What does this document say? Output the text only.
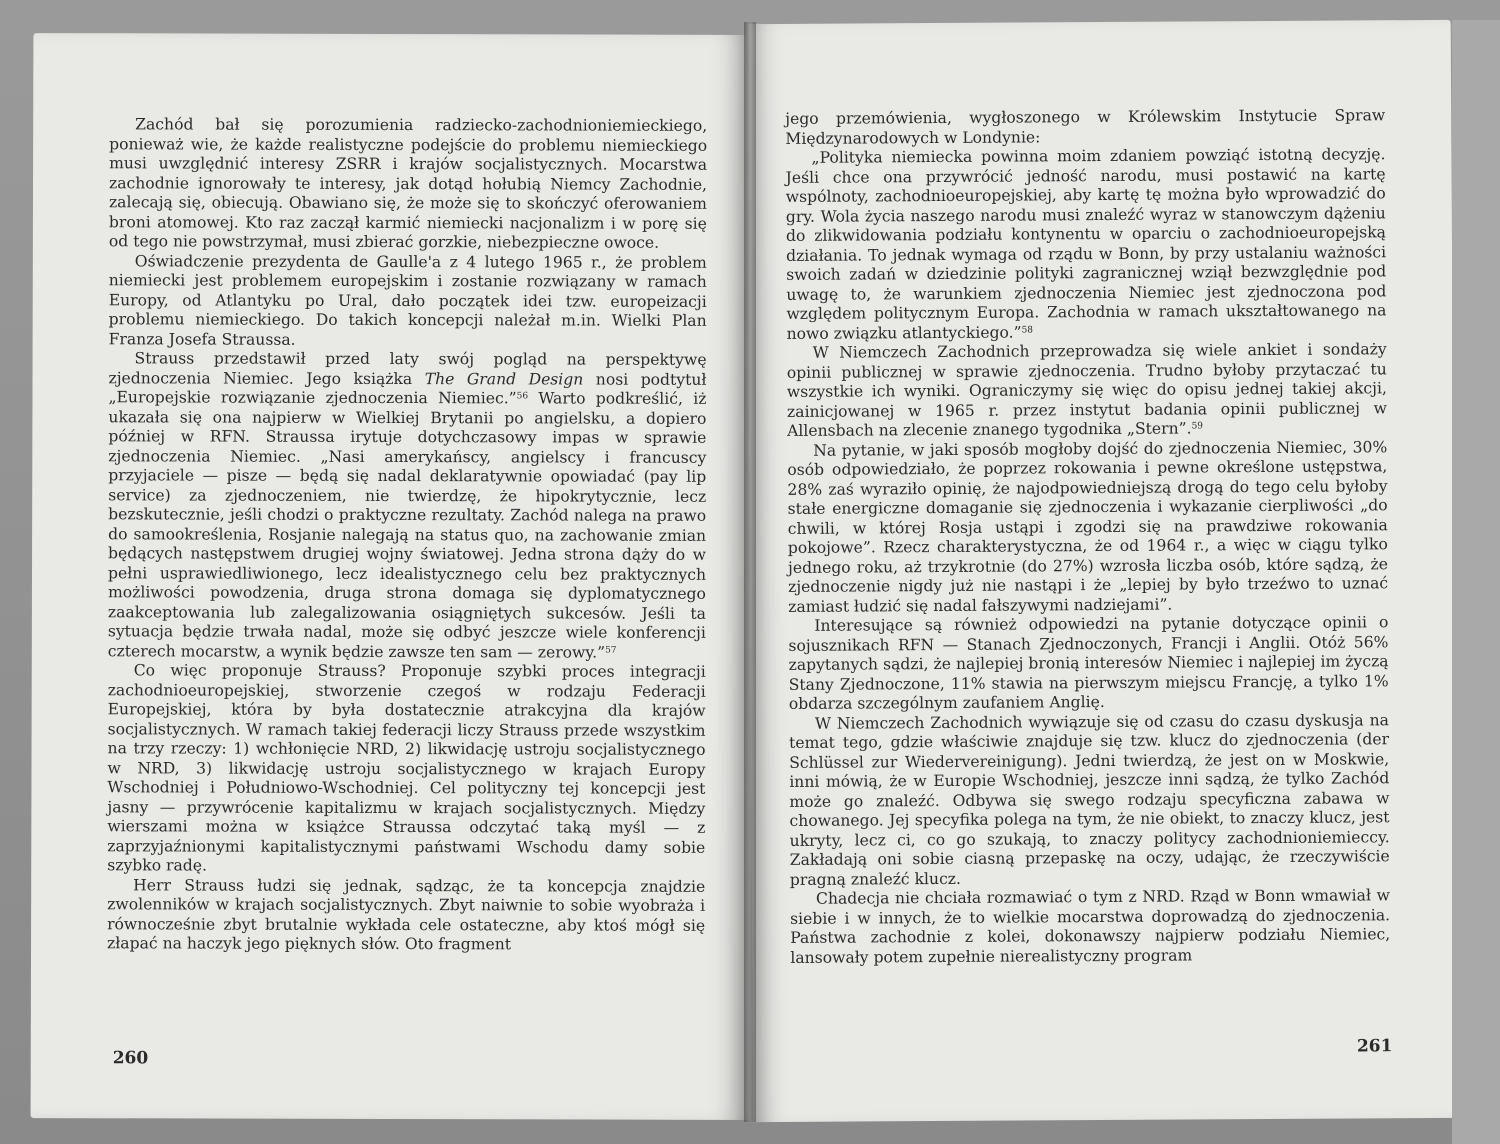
Zachód bał się porozumienia radziecko-zachodnioniemieckiego, ponieważ wie, że każde realistyczne podejście do problemu niemieckiego musi uwzględnić interesy ZSRR i krajów socjalistycznych. Mocarstwa zachodnie ignorowały te interesy, jak dotąd hołubią Niemcy Zachodnie, zalecają się, obiecują. Obawiano się, że może się to skończyć oferowaniem broni atomowej. Kto raz zaczął karmić niemiecki nacjonalizm i w porę się od tego nie powstrzymał, musi zbierać gorzkie, niebezpieczne owoce.

Oświadczenie prezydenta de Gaulle'a z 4 lutego 1965 r., że problem niemiecki jest problemem europejskim i zostanie rozwiązany w ramach Europy, od Atlantyku po Ural, dało początek idei tzw. europeizacji problemu niemieckiego. Do takich koncepcji należał m.in. Wielki Plan Franza Josefa Straussa.

Strauss przedstawił przed laty swój pogląd na perspektywę zjednoczenia Niemiec. Jego książka The Grand Design nosi podtytuł „Europejskie rozwiązanie zjednoczenia Niemiec.”$^{56}$ Warto podkreślić, iż ukazała się ona najpierw w Wielkiej Brytanii po angielsku, a dopiero później w RFN. Straussa irytuje dotychczasowy impas w sprawie zjednoczenia Niemiec. „Nasi amerykańscy, angielscy i francuscy przyjaciele — pisze — będą się nadal deklaratywnie opowiadać (pay lip service) za zjednoczeniem, nie twierdzę, że hipokrytycznie, lecz bezskutecznie, jeśli chodzi o praktyczne rezultaty. Zachód nalega na prawo do samookreślenia, Rosjanie nalegają na status quo, na zachowanie zmian będących następstwem drugiej wojny światowej. Jedna strona dąży do w pełni usprawiedliwionego, lecz idealistycznego celu bez praktycznych możliwości powodzenia, druga strona domaga się dyplomatycznego zaakceptowania lub zalegalizowania osiągniętych sukcesów. Jeśli ta sytuacja będzie trwała nadal, może się odbyć jeszcze wiele konferencji czterech mocarstw, a wynik będzie zawsze ten sam — zerowy.”$^{57}$

Co więc proponuje Strauss? Proponuje szybki proces integracji zachodnioeuropejskiej, stworzenie czegoś w rodzaju Federacji Europejskiej, która by była dostatecznie atrakcyjna dla krajów socjalistycznych. W ramach takiej federacji liczy Strauss przede wszystkim na trzy rzeczy: 1) wchłonięcie NRD, 2) likwidację ustroju socjalistycznego w NRD, 3) likwidację ustroju socjalistycznego w krajach Europy Wschodniej i Południowo-Wschodniej. Cel polityczny tej koncepcji jest jasny — przywrócenie kapitalizmu w krajach socjalistycznych. Między wierszami można w książce Straussa odczytać taką myśl — z zaprzyjaźnionymi kapitalistycznymi państwami Wschodu damy sobie szybko radę.

Herr Strauss łudzi się jednak, sądząc, że ta koncepcja znajdzie zwolenników w krajach socjalistycznych. Zbyt naiwnie to sobie wyobraża i równocześnie zbyt brutalnie wykłada cele ostateczne, aby ktoś mógł się złapać na haczyk jego pięknych słów. Oto fragment

260

jego przemówienia, wygłoszonego w Królewskim Instytucie Spraw Międzynarodowych w Londynie:

„Polityka niemiecka powinna moim zdaniem powziąć istotną decyzję. Jeśli chce ona przywrócić jedność narodu, musi postawić na kartę wspólnoty, zachodnioeuropejskiej, aby kartę tę można było wprowadzić do gry. Wola życia naszego narodu musi znaleźć wyraz w stanowczym dążeniu do zlikwidowania podziału kontynentu w oparciu o zachodnioeuropejską działania. To jednak wymaga od rządu w Bonn, by przy ustalaniu ważności swoich zadań w dziedzinie polityki zagranicznej wziął bezwzględnie pod uwagę to, że warunkiem zjednoczenia Niemiec jest zjednoczona pod względem politycznym Europa. Zachodnia w ramach ukształtowanego na nowo związku atlantyckiego.”$^{58}$

W Niemczech Zachodnich przeprowadza się wiele ankiet i sondaży opinii publicznej w sprawie zjednoczenia. Trudno byłoby przytaczać tu wszystkie ich wyniki. Ograniczymy się więc do opisu jednej takiej akcji, zainicjowanej w 1965 r. przez instytut badania opinii publicznej w Allensbach na zlecenie znanego tygodnika „Stern”.$^{59}$

Na pytanie, w jaki sposób mogłoby dojść do zjednoczenia Niemiec, 30% osób odpowiedziało, że poprzez rokowania i pewne określone ustępstwa, 28% zaś wyraziło opinię, że najodpowiedniejszą drogą do tego celu byłoby stałe energiczne domaganie się zjednoczenia i wykazanie cierpliwości „do chwili, w której Rosja ustąpi i zgodzi się na prawdziwe rokowania pokojowe”. Rzecz charakterystyczna, że od 1964 r., a więc w ciągu tylko jednego roku, aż trzykrotnie (do 27%) wzrosła liczba osób, które sądzą, że zjednoczenie nigdy już nie nastąpi i że „lepiej by było trzeźwo to uznać zamiast łudzić się nadal fałszywymi nadziejami”.

Interesujące są również odpowiedzi na pytanie dotyczące opinii o sojusznikach RFN — Stanach Zjednoczonych, Francji i Anglii. Otóż 56% zapytanych sądzi, że najlepiej bronią interesów Niemiec i najlepiej im życzą Stany Zjednoczone, 11% stawia na pierwszym miejscu Francję, a tylko 1% obdarza szczególnym zaufaniem Anglię.

W Niemczech Zachodnich wywiązuje się od czasu do czasu dyskusja na temat tego, gdzie właściwie znajduje się tzw. klucz do zjednoczenia (der Schlüssel zur Wiedervereinigung). Jedni twierdzą, że jest on w Moskwie, inni mówią, że w Europie Wschodniej, jeszcze inni sądzą, że tylko Zachód może go znaleźć. Odbywa się swego rodzaju specyficzna zabawa w chowanego. Jej specyfika polega na tym, że nie obiekt, to znaczy klucz, jest ukryty, lecz ci, co go szukają, to znaczy politycy zachodnioniemieccy. Zakładają oni sobie ciasną przepaskę na oczy, udając, że rzeczywiście pragną znaleźć klucz.

Chadecja nie chciała rozmawiać o tym z NRD. Rząd w Bonn wmawiał w siebie i w innych, że to wielkie mocarstwa doprowadzą do zjednoczenia. Państwa zachodnie z kolei, dokonawszy najpierw podziału Niemiec, lansowały potem zupełnie nierealistyczny program

261
